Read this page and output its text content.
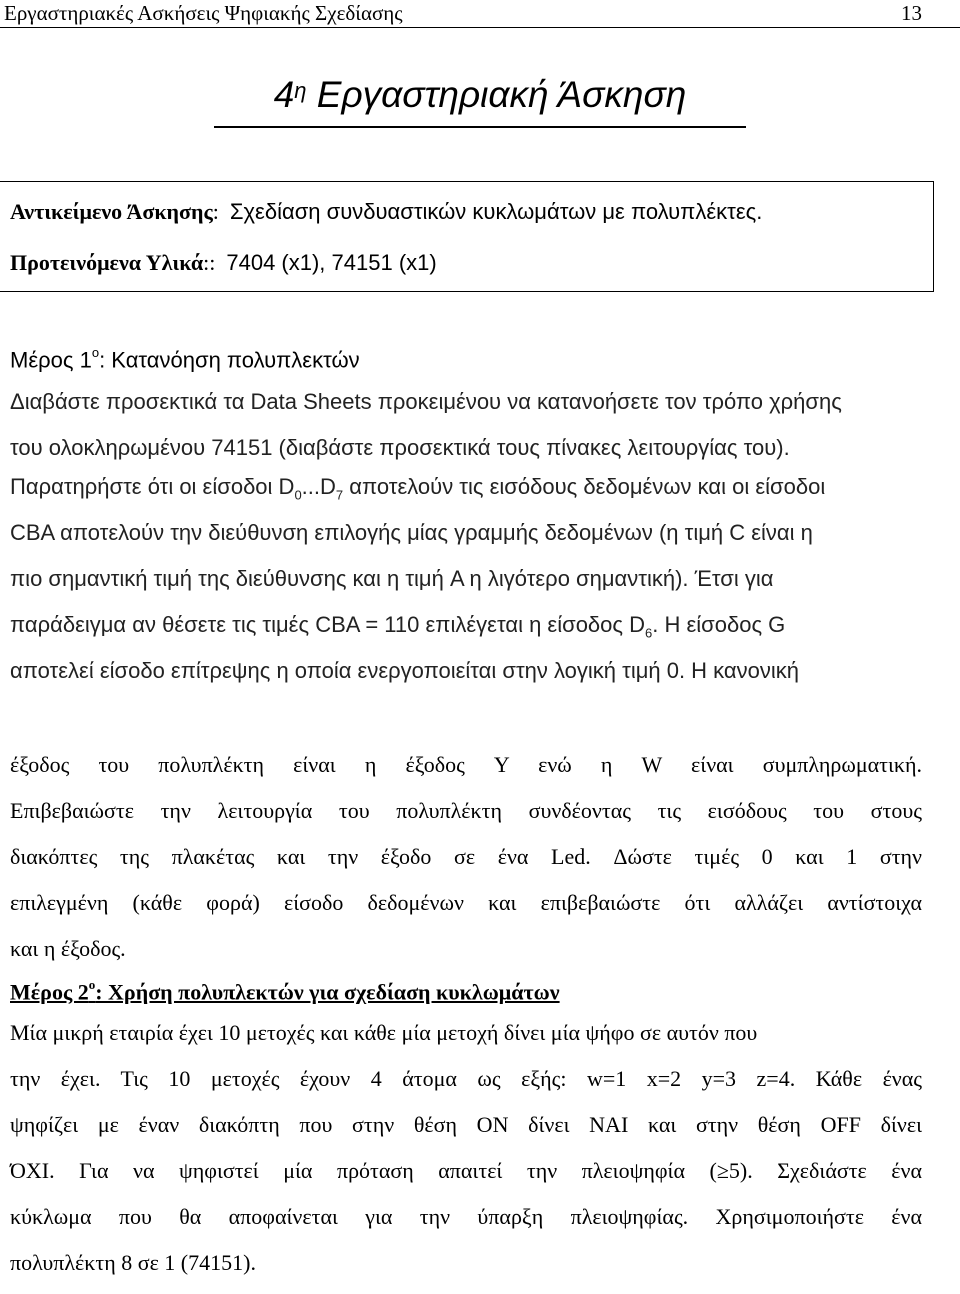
Εργαστηριακές Ασκήσεις Ψηφιακής Σχεδίασης	13
$4^\eta$ Εργαστηριακή Άσκηση
Αντικείμενο Άσκησης: Σχεδίαση συνδυαστικών κυκλωμάτων με πολυπλέκτες.
Προτεινόμενα Υλικά:: 7404 (x1), 74151 (x1)
Μέρος $1^o$: Κατανόηση πολυπλεκτών
Διαβάστε προσεκτικά τα Data Sheets προκειμένου να κατανοήσετε τον τρόπο χρήσης
του ολοκληρωμένου 74151 (διαβάστε προσεκτικά τους πίνακες λειτουργίας του).
Παρατηρήστε ότι οι είσοδοι $D_0...D_7$ αποτελούν τις εισόδους δεδομένων και οι είσοδοι
CBA αποτελούν την διεύθυνση επιλογής μίας γραμμής δεδομένων (η τιμή C είναι η
πιο σημαντική τιμή της διεύθυνσης και η τιμή A η λιγότερο σημαντική). Έτσι για
παράδειγμα αν θέσετε τις τιμές CBA = 110 επιλέγεται η είσοδος $D_6$. Η είσοδος G
αποτελεί είσοδο επίτρεψης η οποία ενεργοποιείται στην λογική τιμή 0. Η κανονική
έξοδος του πολυπλέκτη είναι η έξοδος Y ενώ η W είναι συμπληρωματική.
Επιβεβαιώστε την λειτουργία του πολυπλέκτη συνδέοντας τις εισόδους του στους
διακόπτες της πλακέτας και την έξοδο σε ένα Led. Δώστε τιμές 0 και 1 στην
επιλεγμένη (κάθε φορά) είσοδο δεδομένων και επιβεβαιώστε ότι αλλάζει αντίστοιχα
και η έξοδος.
Μέρος $2^o$: Χρήση πολυπλεκτών για σχεδίαση κυκλωμάτων
Μία μικρή εταιρία έχει 10 μετοχές και κάθε μία μετοχή δίνει μία ψήφο σε αυτόν που
την έχει. Τις 10 μετοχές έχουν 4 άτομα ως εξής: w=1 x=2 y=3 z=4. Κάθε ένας
ψηφίζει με έναν διακόπτη που στην θέση ON δίνει ΝΑΙ και στην θέση OFF δίνει
ΌΧΙ. Για να ψηφιστεί μία πρόταση απαιτεί την πλειοψηφία (≥5). Σχεδιάστε ένα
κύκλωμα που θα αποφαίνεται για την ύπαρξη πλειοψηφίας. Χρησιμοποιήστε ένα
πολυπλέκτη 8 σε 1 (74151).
